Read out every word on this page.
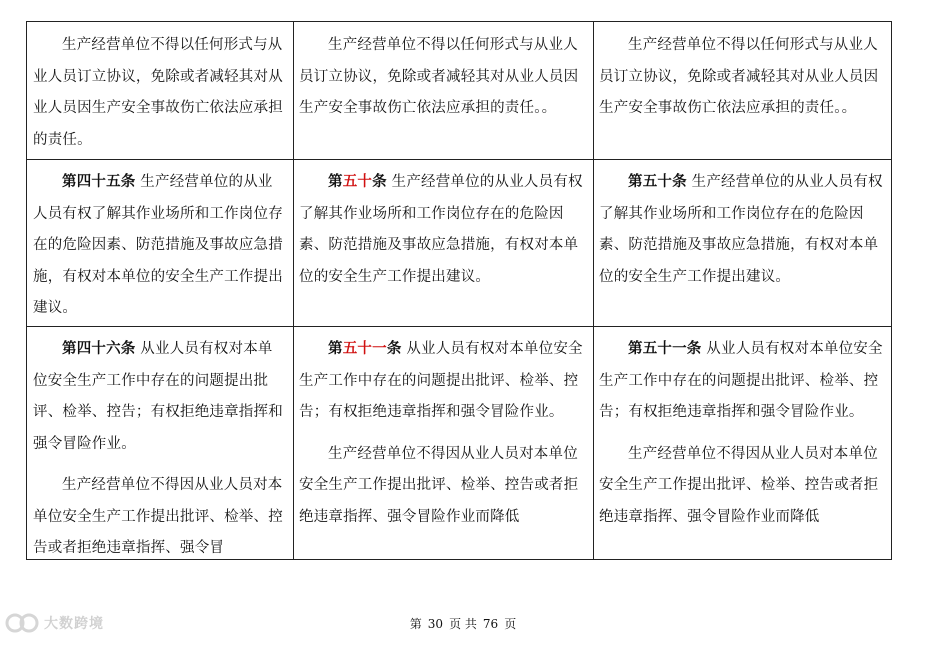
生产经营单位不得以任何形式与从业人员订立协议，免除或者减轻其对从业人员因生产安全事故伤亡依法应承担的责任。

生产经营单位不得以任何形式与从业人员订立协议，免除或者减轻其对从业人员因生产安全事故伤亡依法应承担的责任。。

生产经营单位不得以任何形式与从业人员订立协议，免除或者减轻其对从业人员因生产安全事故伤亡依法应承担的责任。。

第四十五条 生产经营单位的从业人员有权了解其作业场所和工作岗位存在的危险因素、防范措施及事故应急措施，有权对本单位的安全生产工作提出建议。

第五十条 生产经营单位的从业人员有权了解其作业场所和工作岗位存在的危险因素、防范措施及事故应急措施，有权对本单位的安全生产工作提出建议。

第五十条 生产经营单位的从业人员有权了解其作业场所和工作岗位存在的危险因素、防范措施及事故应急措施，有权对本单位的安全生产工作提出建议。

第四十六条 从业人员有权对本单位安全生产工作中存在的问题提出批评、检举、控告；有权拒绝违章指挥和强令冒险作业。

生产经营单位不得因从业人员对本单位安全生产工作提出批评、检举、控告或者拒绝违章指挥、强令冒

第五十一条 从业人员有权对本单位安全生产工作中存在的问题提出批评、检举、控告；有权拒绝违章指挥和强令冒险作业。

生产经营单位不得因从业人员对本单位安全生产工作提出批评、检举、控告或者拒绝违章指挥、强令冒险作业而降低

第五十一条 从业人员有权对本单位安全生产工作中存在的问题提出批评、检举、控告；有权拒绝违章指挥和强令冒险作业。

生产经营单位不得因从业人员对本单位安全生产工作提出批评、检举、控告或者拒绝违章指挥、强令冒险作业而降低

第 30 页 共 76 页
大数跨境
